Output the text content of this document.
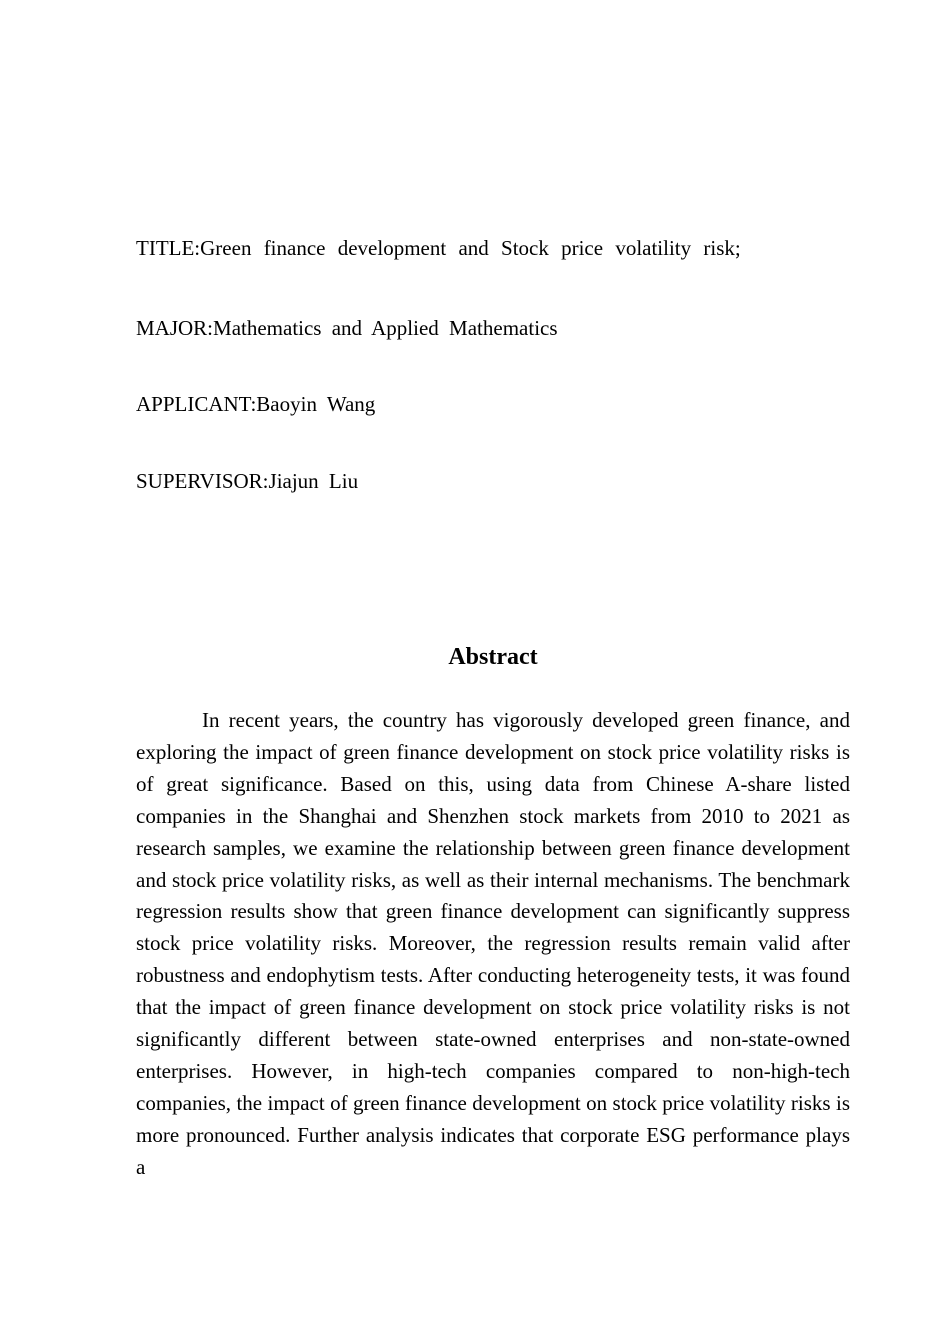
TITLE:Green finance development and Stock price volatility risk;
MAJOR:Mathematics and Applied Mathematics
APPLICANT:Baoyin Wang
SUPERVISOR:Jiajun Liu
Abstract

In recent years, the country has vigorously developed green finance, and exploring the impact of green finance development on stock price volatility risks is of great significance. Based on this, using data from Chinese A-share listed companies in the Shanghai and Shenzhen stock markets from 2010 to 2021 as research samples, we examine the relationship between green finance development and stock price volatility risks, as well as their internal mechanisms. The benchmark regression results show that green finance development can significantly suppress stock price volatility risks. Moreover, the regression results remain valid after robustness and endophytism tests. After conducting heterogeneity tests, it was found that the impact of green finance development on stock price volatility risks is not significantly different between state-owned enterprises and non-state-owned enterprises. However, in high-tech companies compared to non-high-tech companies, the impact of green finance development on stock price volatility risks is more pronounced. Further analysis indicates that corporate ESG performance plays a
